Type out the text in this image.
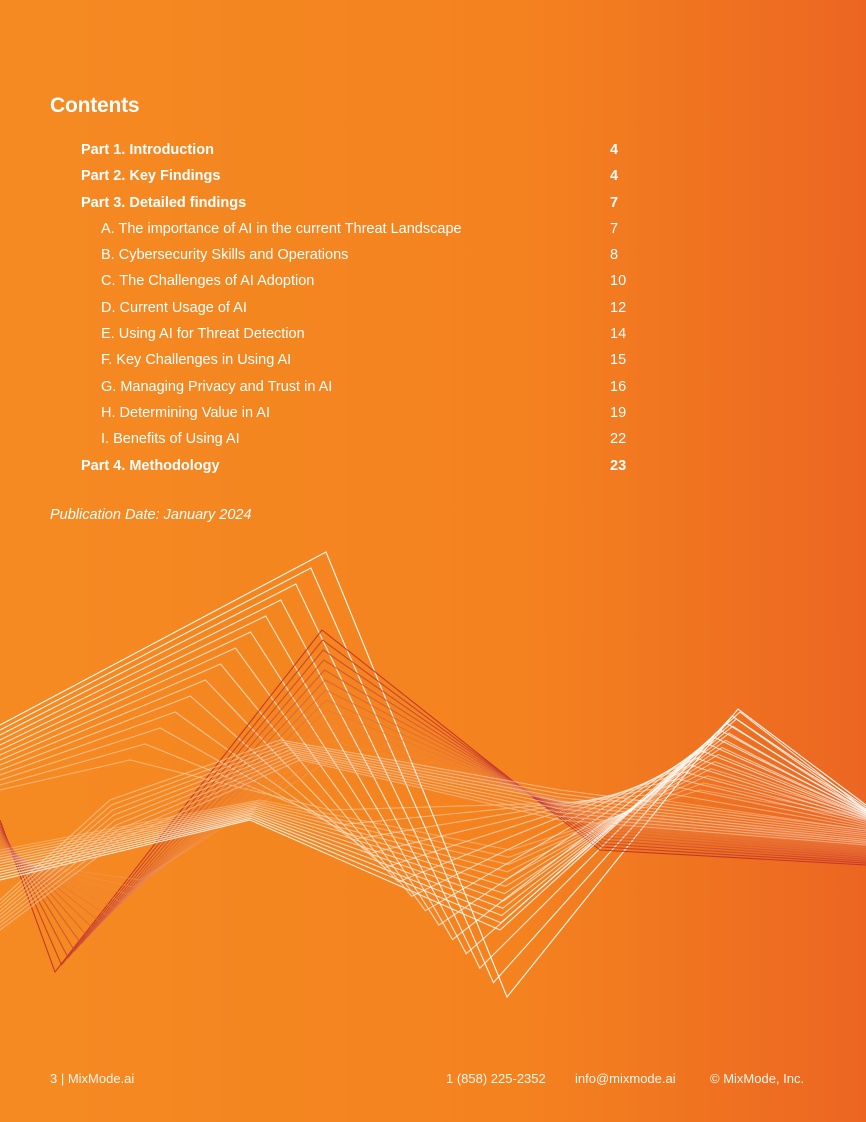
Contents
Part 1. Introduction	4
Part 2. Key Findings	4
Part 3. Detailed findings	7
A. The importance of AI in the current Threat Landscape	7
B. Cybersecurity Skills and Operations	8
C. The Challenges of AI Adoption	10
D. Current Usage of AI	12
E. Using AI for Threat Detection	14
F. Key Challenges in Using AI	15
G. Managing Privacy and Trust in AI	16
H. Determining Value in AI	19
I. Benefits of Using AI	22
Part 4. Methodology	23
Publication Date: January 2024
3 | MixMode.ai	1 (858) 225-2352 info@mixmode.ai	© MixMode, Inc.
